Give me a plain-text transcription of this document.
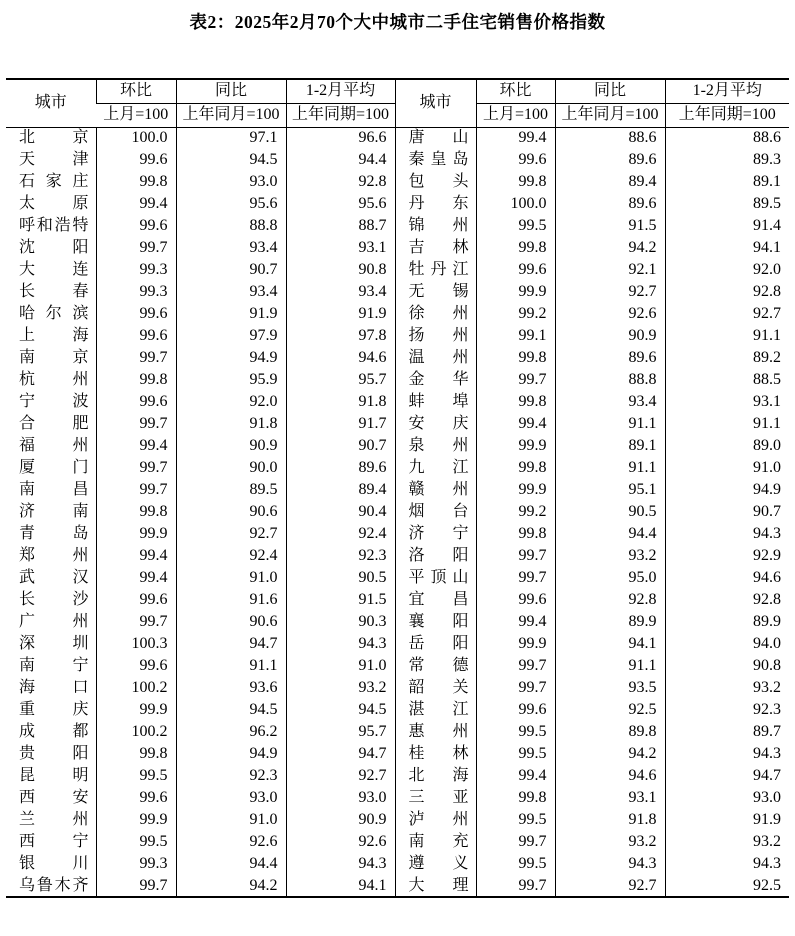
表2：2025年2月70个大中城市二手住宅销售价格指数
城市	环比	同比	1-2月平均	城市	环比	同比	1-2月平均
	上月=100	上年同月=100	上年同期=100		上月=100	上年同月=100	上年同期=100

北 京	100.0	97.1	96.6	唐 山	99.4	88.6	88.6

天 津	99.6	94.5	94.4	秦 皇 岛	99.6	89.6	89.3

石 家 庄	99.8	93.0	92.8	包 头	99.8	89.4	89.1

太 原	99.4	95.6	95.6	丹 东	100.0	89.6	89.5

呼 和 浩 特	99.6	88.8	88.7	锦 州	99.5	91.5	91.4

沈 阳	99.7	93.4	93.1	吉 林	99.8	94.2	94.1

大 连	99.3	90.7	90.8	牡 丹 江	99.6	92.1	92.0

长 春	99.3	93.4	93.4	无 锡	99.9	92.7	92.8

哈 尔 滨	99.6	91.9	91.9	徐 州	99.2	92.6	92.7

上 海	99.6	97.9	97.8	扬 州	99.1	90.9	91.1

南 京	99.7	94.9	94.6	温 州	99.8	89.6	89.2

杭 州	99.8	95.9	95.7	金 华	99.7	88.8	88.5

宁 波	99.6	92.0	91.8	蚌 埠	99.8	93.4	93.1

合 肥	99.7	91.8	91.7	安 庆	99.4	91.1	91.1

福 州	99.4	90.9	90.7	泉 州	99.9	89.1	89.0

厦 门	99.7	90.0	89.6	九 江	99.8	91.1	91.0

南 昌	99.7	89.5	89.4	赣 州	99.9	95.1	94.9

济 南	99.8	90.6	90.4	烟 台	99.2	90.5	90.7

青 岛	99.9	92.7	92.4	济 宁	99.8	94.4	94.3

郑 州	99.4	92.4	92.3	洛 阳	99.7	93.2	92.9

武 汉	99.4	91.0	90.5	平 顶 山	99.7	95.0	94.6

长 沙	99.6	91.6	91.5	宜 昌	99.6	92.8	92.8

广 州	99.7	90.6	90.3	襄 阳	99.4	89.9	89.9

深 圳	100.3	94.7	94.3	岳 阳	99.9	94.1	94.0

南 宁	99.6	91.1	91.0	常 德	99.7	91.1	90.8

海 口	100.2	93.6	93.2	韶 关	99.7	93.5	93.2

重 庆	99.9	94.5	94.5	湛 江	99.6	92.5	92.3

成 都	100.2	96.2	95.7	惠 州	99.5	89.8	89.7

贵 阳	99.8	94.9	94.7	桂 林	99.5	94.2	94.3

昆 明	99.5	92.3	92.7	北 海	99.4	94.6	94.7

西 安	99.6	93.0	93.0	三 亚	99.8	93.1	93.0

兰 州	99.9	91.0	90.9	泸 州	99.5	91.8	91.9

西 宁	99.5	92.6	92.6	南 充	99.7	93.2	93.2

银 川	99.3	94.4	94.3	遵 义	99.5	94.3	94.3

乌 鲁 木 齐	99.7	94.2	94.1	大 理	99.7	92.7	92.5
